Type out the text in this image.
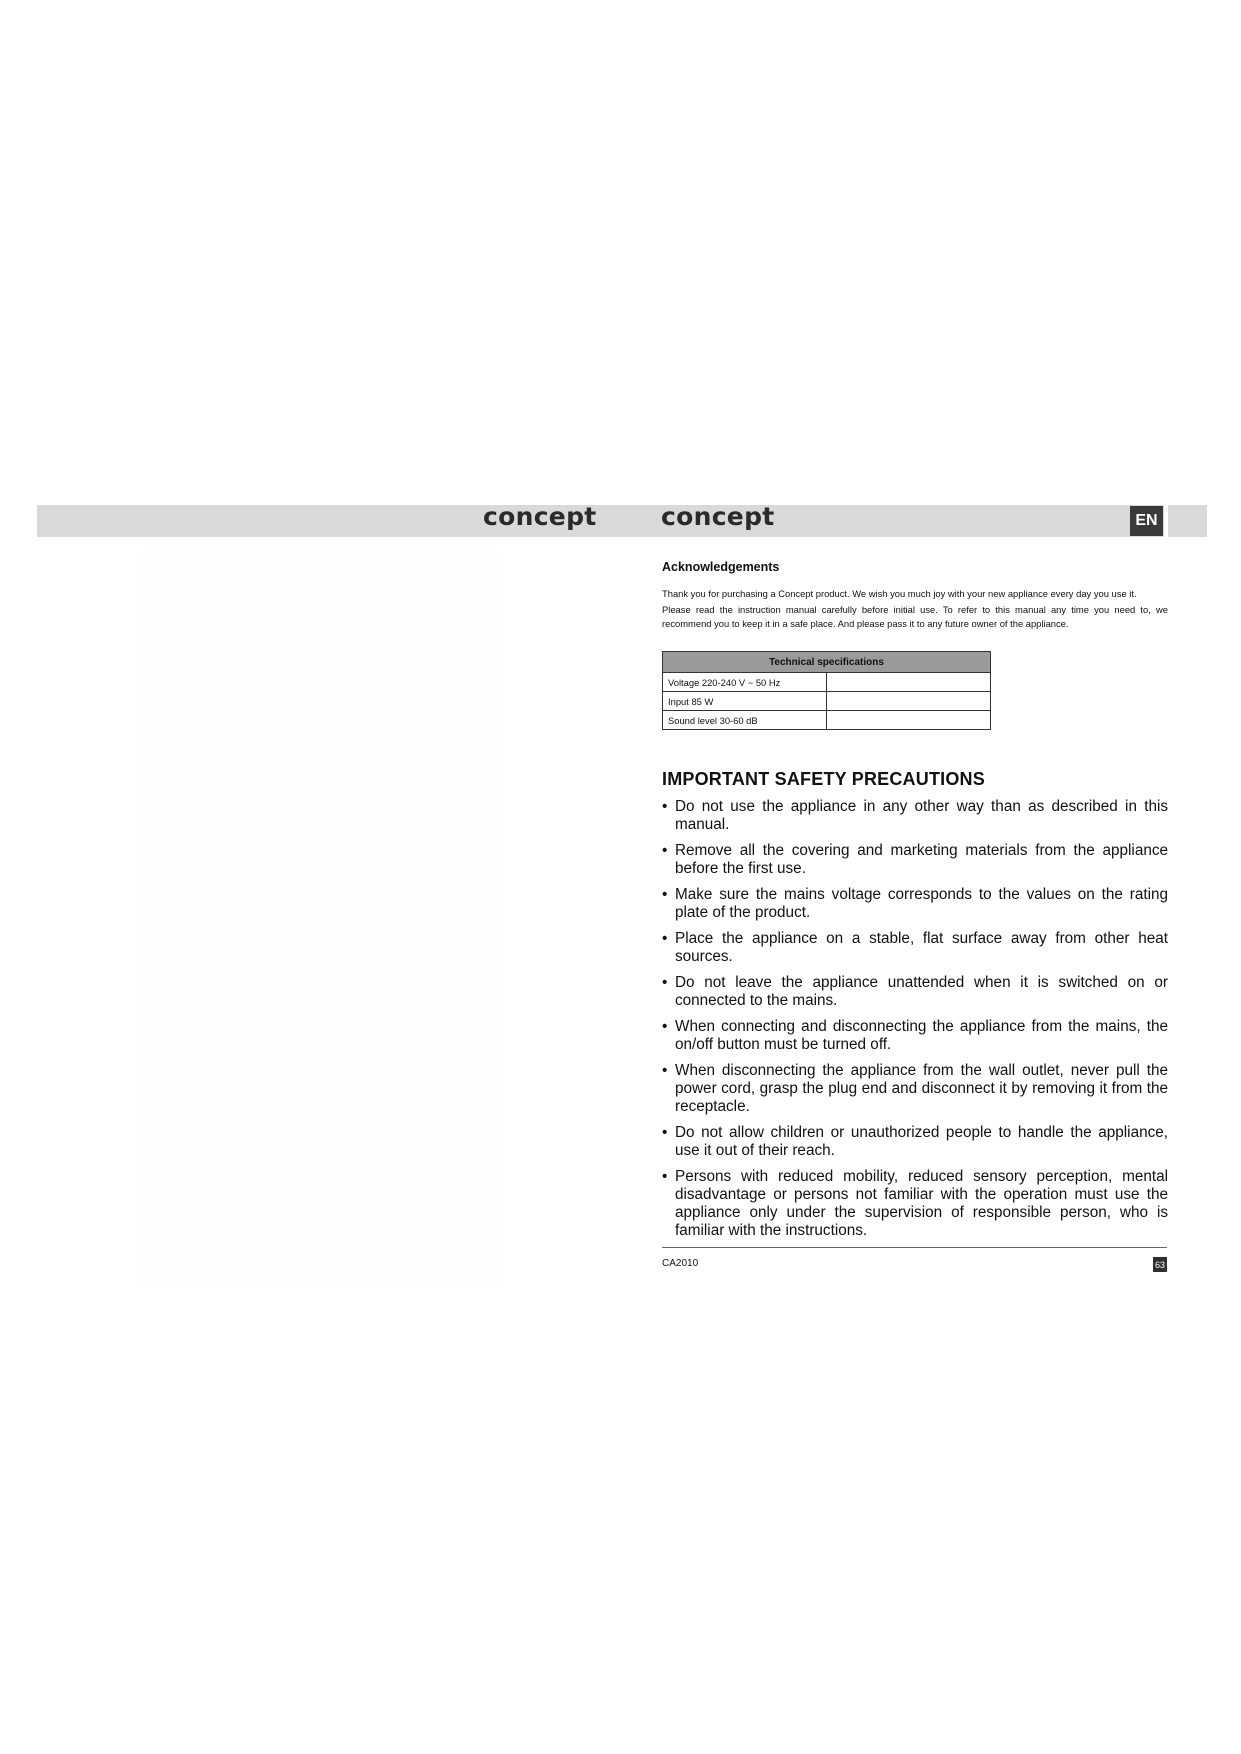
concept	concept	EN
Acknowledgements

Thank you for purchasing a Concept product. We wish you much joy with your new appliance every day you use it.

Please read the instruction manual carefully before initial use. To refer to this manual any time you need to, we recommend you to keep it in a safe place. And please pass it to any future owner of the appliance.

Technical specifications	
Voltage 220-240 V ~ 50 Hz	
Input 85 W	
Sound level 30-60 dB	
IMPORTANT SAFETY PRECAUTIONS
• Do not use the appliance in any other way than as described in this manual.
• Remove all the covering and marketing materials from the appliance before the first use.
• Make sure the mains voltage corresponds to the values on the rating plate of the product.
• Place the appliance on a stable, flat surface away from other heat sources.
• Do not leave the appliance unattended when it is switched on or connected to the mains.
• When connecting and disconnecting the appliance from the mains, the on/off button must be turned off.
• When disconnecting the appliance from the wall outlet, never pull the power cord, grasp the plug end and disconnect it by removing it from the receptacle.
• Do not allow children or unauthorized people to handle the appliance, use it out of their reach.
• Persons with reduced mobility, reduced sensory perception, mental disadvantage or persons not familiar with the operation must use the appliance only under the supervision of responsible person, who is familiar with the instructions.
CA2010	63
